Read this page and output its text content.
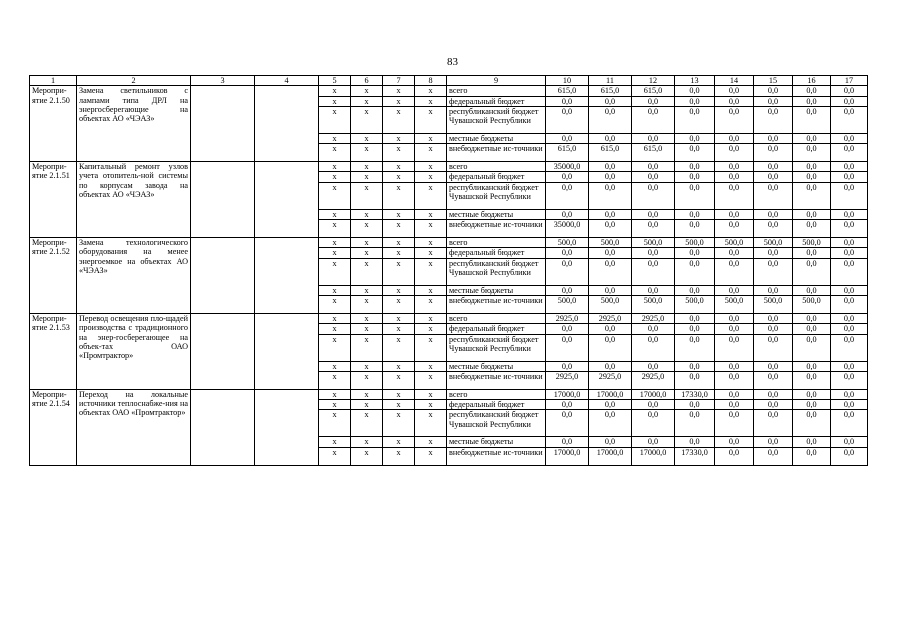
83
1	2	3	4	5	6	7	8	9	10	11	12	13	14	15	16	17
Меропри-ятие 2.1.50	Замена светильников с лампами типа ДРЛ на энергосберегающие на объектах АО «ЧЭАЗ»			х	х	х	х	всего	615,0	615,0	615,0	0,0	0,0	0,0	0,0	0,0
				х	х	х	х	федеральный бюджет	0,0	0,0	0,0	0,0	0,0	0,0	0,0	0,0
				х	х	х	х	республиканский бюджет Чувашской Республики	0,0	0,0	0,0	0,0	0,0	0,0	0,0	0,0
				х	х	х	х	местные бюджеты	0,0	0,0	0,0	0,0	0,0	0,0	0,0	0,0
				х	х	х	х	внебюджетные ис-точники	615,0	615,0	615,0	0,0	0,0	0,0	0,0	0,0
Меропри-ятие 2.1.51	Капитальный ремонт узлов учета отопитель-ной системы по корпусам завода на объектах АО «ЧЭАЗ»			х	х	х	х	всего	35000,0	0,0	0,0	0,0	0,0	0,0	0,0	0,0
				х	х	х	х	федеральный бюджет	0,0	0,0	0,0	0,0	0,0	0,0	0,0	0,0
				х	х	х	х	республиканский бюджет Чувашской Республики	0,0	0,0	0,0	0,0	0,0	0,0	0,0	0,0
				х	х	х	х	местные бюджеты	0,0	0,0	0,0	0,0	0,0	0,0	0,0	0,0
				х	х	х	х	внебюджетные ис-точники	35000,0	0,0	0,0	0,0	0,0	0,0	0,0	0,0
Меропри-ятие 2.1.52	Замена технологического оборудования на менее энергоемкое на объектах АО «ЧЭАЗ»			х	х	х	х	всего	500,0	500,0	500,0	500,0	500,0	500,0	500,0	0,0
				х	х	х	х	федеральный бюджет	0,0	0,0	0,0	0,0	0,0	0,0	0,0	0,0
				х	х	х	х	республиканский бюджет Чувашской Республики	0,0	0,0	0,0	0,0	0,0	0,0	0,0	0,0
				х	х	х	х	местные бюджеты	0,0	0,0	0,0	0,0	0,0	0,0	0,0	0,0
				х	х	х	х	внебюджетные ис-точники	500,0	500,0	500,0	500,0	500,0	500,0	500,0	0,0
Меропри-ятие 2.1.53	Перевод освещения пло-щадей производства с традиционного на энер-госберегающее на объек-тах ОАО «Промтрактор»			х	х	х	х	всего	2925,0	2925,0	2925,0	0,0	0,0	0,0	0,0	0,0
				х	х	х	х	федеральный бюджет	0,0	0,0	0,0	0,0	0,0	0,0	0,0	0,0
				х	х	х	х	республиканский бюджет Чувашской Республики	0,0	0,0	0,0	0,0	0,0	0,0	0,0	0,0
				х	х	х	х	местные бюджеты	0,0	0,0	0,0	0,0	0,0	0,0	0,0	0,0
				х	х	х	х	внебюджетные ис-точники	2925,0	2925,0	2925,0	0,0	0,0	0,0	0,0	0,0
Меропри-ятие 2.1.54	Переход на локальные источники теплоснабже-ния на объектах ОАО «Промтрактор»			х	х	х	х	всего	17000,0	17000,0	17000,0	17330,0	0,0	0,0	0,0	0,0
				х	х	х	х	федеральный бюджет	0,0	0,0	0,0	0,0	0,0	0,0	0,0	0,0
				х	х	х	х	республиканский бюджет Чувашской Республики	0,0	0,0	0,0	0,0	0,0	0,0	0,0	0,0
				х	х	х	х	местные бюджеты	0,0	0,0	0,0	0,0	0,0	0,0	0,0	0,0
				х	х	х	х	внебюджетные ис-точники	17000,0	17000,0	17000,0	17330,0	0,0	0,0	0,0	0,0
